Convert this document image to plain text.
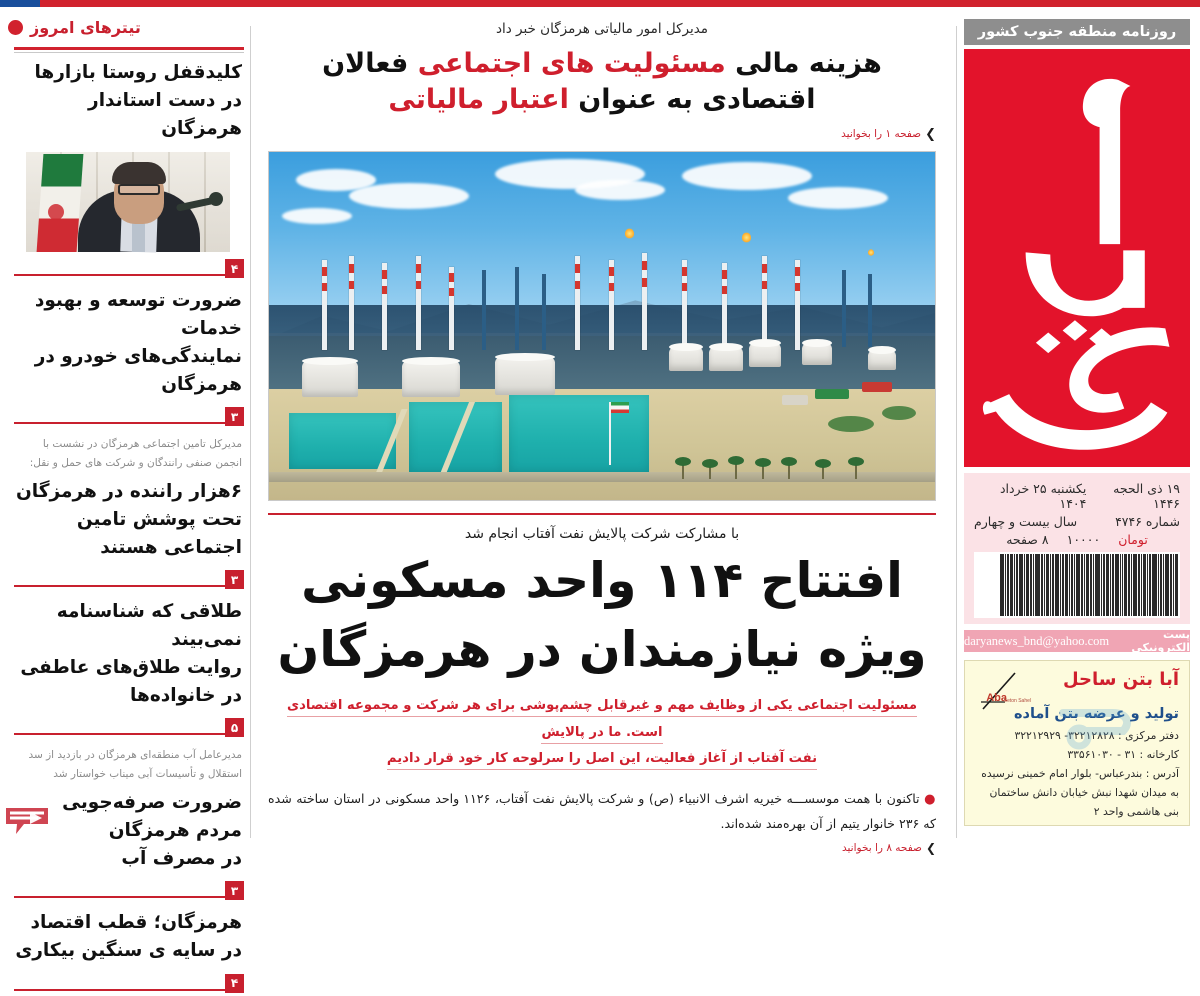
تیترهای امروز
کلیدقفل روستا بازارها
در دست استاندار هرمزگان
۴
ضرورت توسعه و بهبود خدمات
نمایندگی‌های خودرو در هرمزگان
۳
مدیرکل تامین اجتماعی هرمزگان در نشست با انجمن صنفی رانندگان و شرکت های حمل و نقل:
۶هزار راننده در هرمزگان
تحت پوشش تامین اجتماعی هستند
۳
طلاقی که شناسنامه نمی‌بیند
روایت طلاق‌های عاطفی در خانواده‌ها
۵
مدیرعامل آب منطقه‌ای هرمزگان در بازدید از سد استقلال و تأسیسات آبی میناب خواستار شد
ضرورت صرفه‌جویی مردم هرمزگان
در مصرف آب
۳
هرمزگان؛ قطب اقتصاد
در سایه ی سنگین بیکاری
۴
مدیرکل امور مالیاتی هرمزگان خبر داد
هزینه مالی مسئولیت های اجتماعی فعالان اقتصادی به عنوان اعتبار مالیاتی
❯
صفحه ۱ را بخوانید
با مشارکت شرکت پالایش نفت آفتاب انجام شد
افتتاح ۱۱۴ واحد مسکونی
ویژه نیازمندان در هرمزگان
مسئولیت اجتماعی یکی از وظایف مهم و غیرقابل چشم‌پوشی برای هر شرکت و مجموعه اقتصادی است. ما در پالایش
نفت آفتاب از آغاز فعالیت، این اصل را سرلوحه کار خود قرار دادیم
● تاکنون با همت موسســـه خیریه اشرف الانبیاء (ص) و شرکت پالایش نفت آفتاب، ۱۱۲۶ واحد مسکونی در استان ساخته شده که ۲۳۶ خانوار یتیم از آن بهره‌مند شده‌اند.
❯
صفحه ۸ را بخوانید
روزنامه منطقه جنوب کشور
۱۹ ذی الحجه ۱۴۴۶
یکشنبه ۲۵ خرداد ۱۴۰۴
شماره ۴۷۴۶
سال بیست و چهارم
تومان
۱۰۰۰۰
۸ صفحه
پست الکترونیکی
daryanews_bnd@yahoo.com
Aba
Beton Sahel
آبا بتن ساحل
تولید و عرضه بتن آماده
دفتر مرکزی : ۳۲۲۱۲۸۲۸- ۳۲۲۱۲۹۲۹
کارخانه : ۳۱ - ۳۳۵۶۱۰۳۰
آدرس : بندرعباس- بلوار امام خمینی نرسیده
به میدان شهدا نبش خیابان دانش ساختمان
بنی هاشمی واحد ۲
